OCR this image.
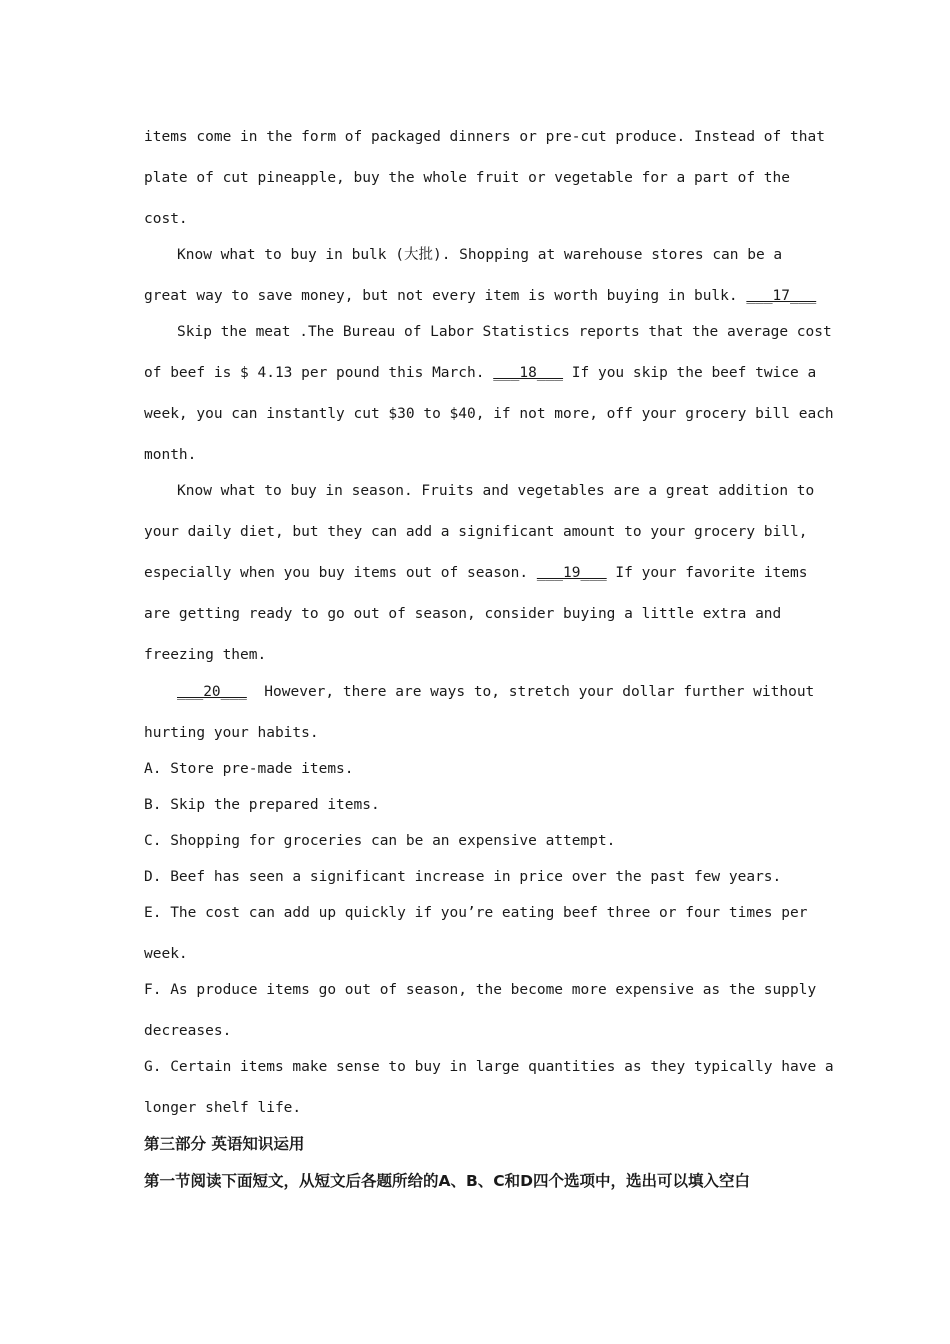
items come in the form of packaged dinners or pre-cut produce. Instead of that
plate of cut pineapple, buy the whole fruit or vegetable for a part of the
cost.
Know what to buy in bulk (大批). Shopping at warehouse stores can be a
great way to save money, but not every item is worth buying in bulk. ___17___
Skip the meat .The Bureau of Labor Statistics reports that the average cost
of beef is $ 4.13 per pound this March. ___18___ If you skip the beef twice a
week, you can instantly cut $30 to $40, if not more, off your grocery bill each
month.
Know what to buy in season. Fruits and vegetables are a great addition to
your daily diet, but they can add a significant amount to your grocery bill,
especially when you buy items out of season. ___19___ If your favorite items
are getting ready to go out of season, consider buying a little extra and
freezing them.
___20___  However, there are ways to, stretch your dollar further without
hurting your habits.
A. Store pre-made items.
B. Skip the prepared items.
C. Shopping for groceries can be an expensive attempt.
D. Beef has seen a significant increase in price over the past few years.
E. The cost can add up quickly if you’re eating beef three or four times per
week.
F. As produce items go out of season, the become more expensive as the supply
decreases.
G. Certain items make sense to buy in large quantities as they typically have a
longer shelf life.
第三部分 英语知识运用
第一节阅读下面短文，从短文后各题所给的A、B、C和D四个选项中，选出可以填入空白
